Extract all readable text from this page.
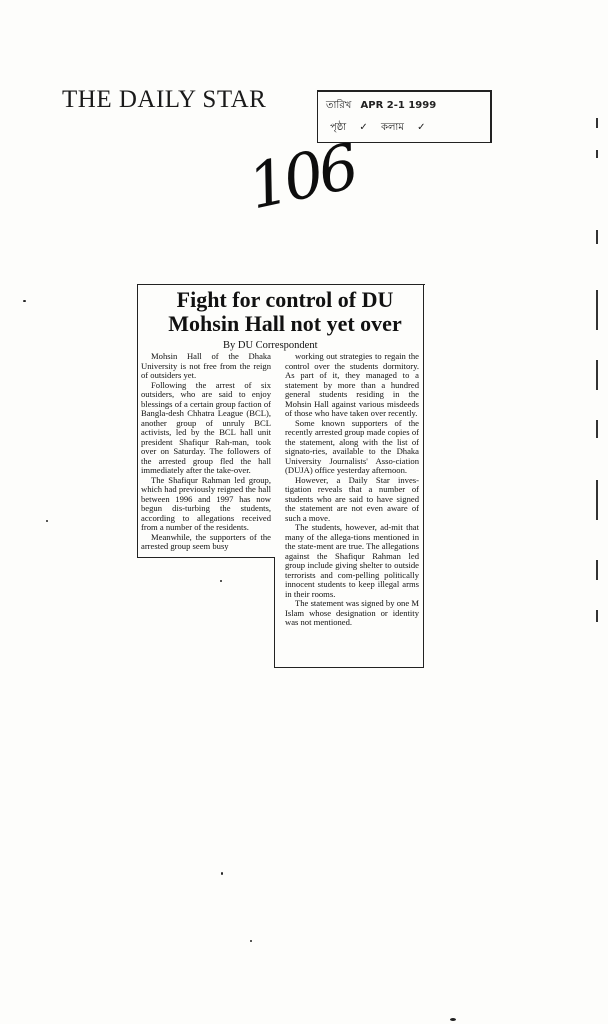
THE DAILY STAR	তারিখ APR 2-1 1999
পৃষ্ঠা ✓ কলাম ✓
106
Fight for control of DU
Mohsin Hall not yet over
By DU Correspondent

Mohsin Hall of the Dhaka University is not free from the reign of outsiders yet.

Following the arrest of six outsiders, who are said to enjoy blessings of a certain group faction of Bangla-desh Chhatra League (BCL), another group of unruly BCL activists, led by the BCL hall unit president Shafiqur Rah-man, took over on Saturday. The followers of the arrested group fled the hall immediately after the take-over.

The Shafiqur Rahman led group, which had previously reigned the hall between 1996 and 1997 has now begun dis-turbing the students, according to allegations received from a number of the residents.

Meanwhile, the supporters of the arrested group seem busy

working out strategies to regain the control over the students dormitory. As part of it, they managed to a statement by more than a hundred general students residing in the Mohsin Hall against various misdeeds of those who have taken over recently.

Some known supporters of the recently arrested group made copies of the statement, along with the list of signato-ries, available to the Dhaka University Journalists' Asso-ciation (DUJA) office yesterday afternoon.

However, a Daily Star inves-tigation reveals that a number of students who are said to have signed the statement are not even aware of such a move.

The students, however, ad-mit that many of the allega-tions mentioned in the state-ment are true. The allegations against the Shafiqur Rahman led group include giving shelter to outside terrorists and com-pelling politically innocent students to keep illegal arms in their rooms.

The statement was signed by one M Islam whose designation or identity was not mentioned.
